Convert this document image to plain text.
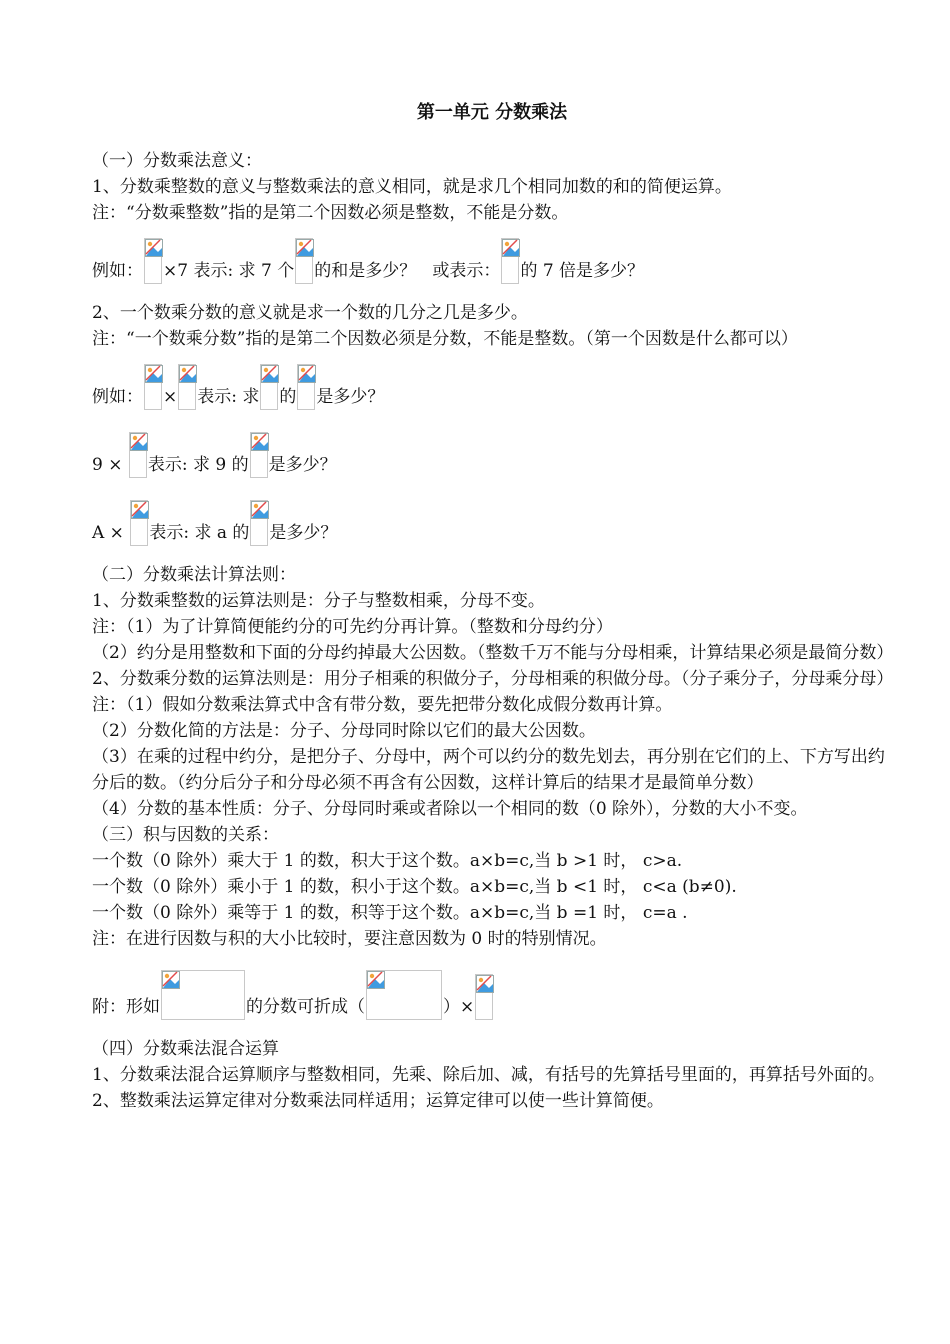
第一单元 分数乘法

（一）分数乘法意义：

1、分数乘整数的意义与整数乘法的意义相同，就是求几个相同加数的和的简便运算。

注：“分数乘整数”指的是第二个因数必须是整数，不能是分数。

例如： ×7 表示: 求 7 个 的和是多少？   或表示： 的 7 倍是多少？

2、一个数乘分数的意义就是求一个数的几分之几是多少。

注：“一个数乘分数”指的是第二个因数必须是分数，不能是整数。（第一个因数是什么都可以）

例如： × 表示: 求 的 是多少？
9 × 表示: 求 9 的 是多少？
A × 表示: 求 a 的 是多少？

（二）分数乘法计算法则：

1、分数乘整数的运算法则是：分子与整数相乘，分母不变。

注：（1）为了计算简便能约分的可先约分再计算。（整数和分母约分）

（2）约分是用整数和下面的分母约掉最大公因数。（整数千万不能与分母相乘，计算结果必须是最简分数）

2、分数乘分数的运算法则是：用分子相乘的积做分子，分母相乘的积做分母。（分子乘分子，分母乘分母）

注：（1）假如分数乘法算式中含有带分数，要先把带分数化成假分数再计算。

（2）分数化简的方法是：分子、分母同时除以它们的最大公因数。

（3）在乘的过程中约分，是把分子、分母中，两个可以约分的数先划去，再分别在它们的上、下方写出约分后的数。（约分后分子和分母必须不再含有公因数，这样计算后的结果才是最简单分数）

（4）分数的基本性质：分子、分母同时乘或者除以一个相同的数（0 除外），分数的大小不变。

（三）积与因数的关系：

一个数（0 除外）乘大于 1 的数，积大于这个数。a×b=c,当 b >1 时， c>a.

一个数（0 除外）乘小于 1 的数，积小于这个数。a×b=c,当 b <1 时， c<a (b≠0).

一个数（0 除外）乘等于 1 的数，积等于这个数。a×b=c,当 b =1 时， c=a .

注：在进行因数与积的大小比较时，要注意因数为 0 时的特别情况。

附：形如	的分数可折成（	）×

（四）分数乘法混合运算

1、分数乘法混合运算顺序与整数相同，先乘、除后加、减，有括号的先算括号里面的，再算括号外面的。

2、整数乘法运算定律对分数乘法同样适用；运算定律可以使一些计算简便。
